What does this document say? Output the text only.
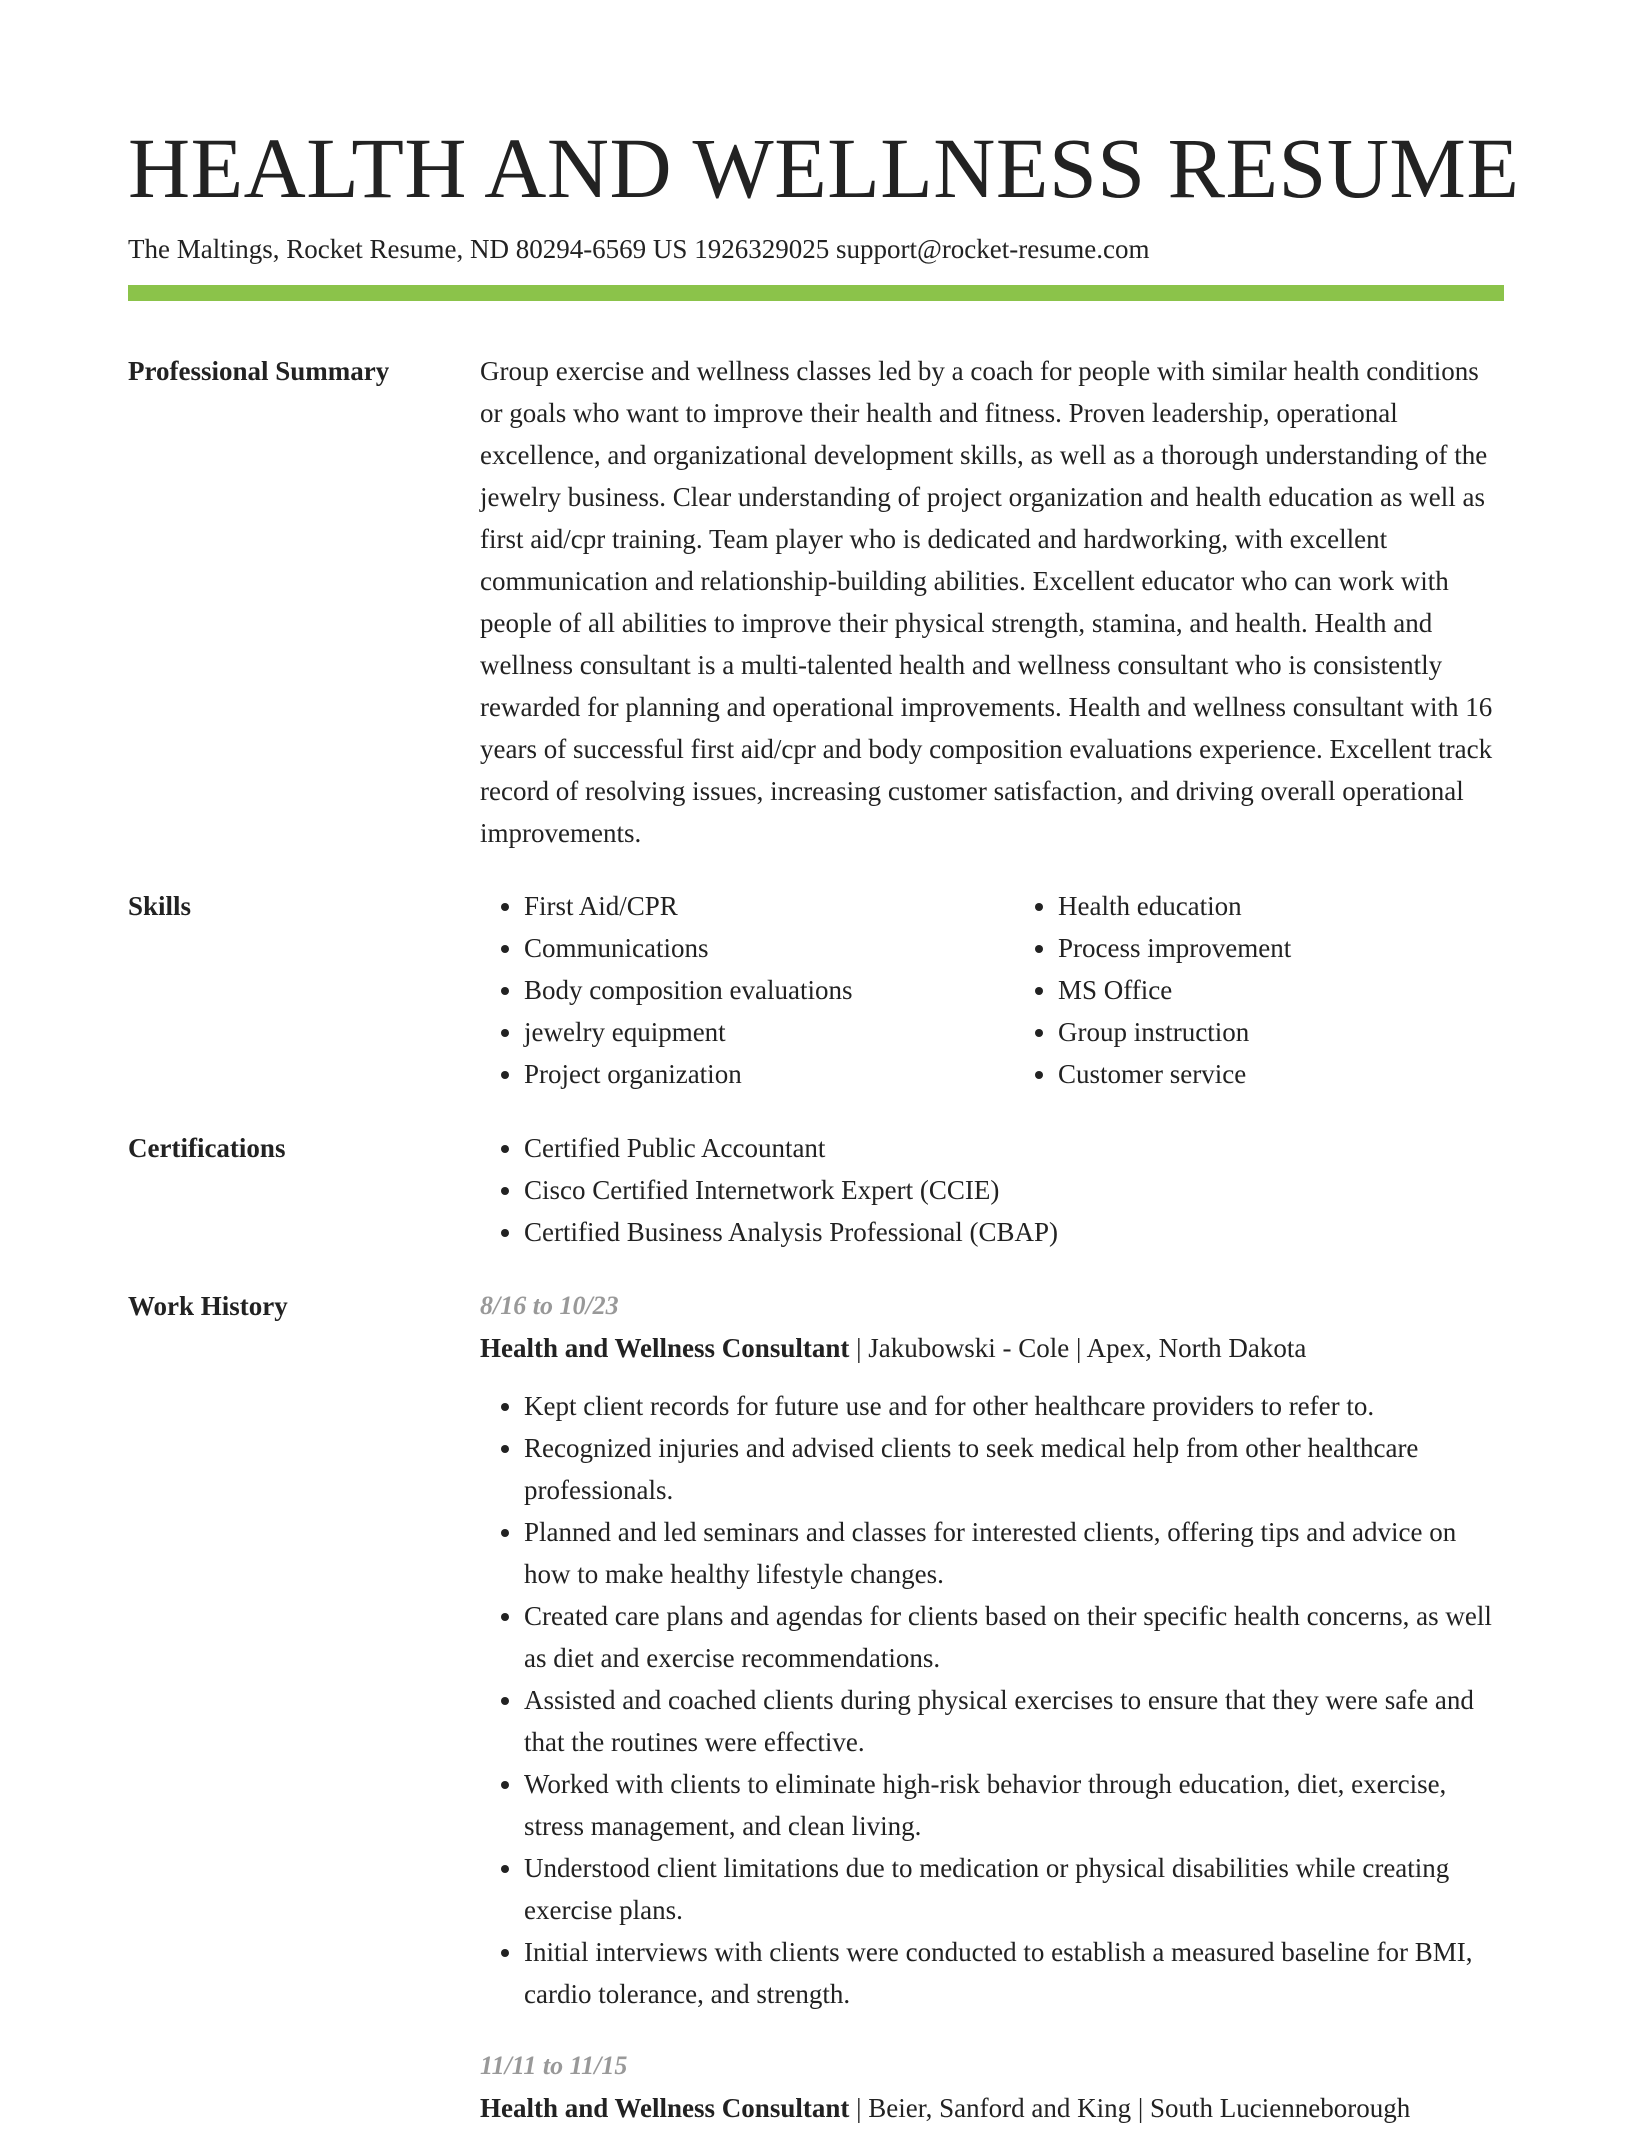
HEALTH AND WELLNESS RESUME
The Maltings, Rocket Resume, ND 80294-6569 US 1926329025 support@rocket-resume.com
Professional Summary	Group exercise and wellness classes led by a coach for people with similar health conditions or goals who want to improve their health and fitness. Proven leadership, operational excellence, and organizational development skills, as well as a thorough understanding of the jewelry business. Clear understanding of project organization and health education as well as first aid/cpr training. Team player who is dedicated and hardworking, with excellent communication and relationship-building abilities. Excellent educator who can work with people of all abilities to improve their physical strength, stamina, and health. Health and wellness consultant is a multi-talented health and wellness consultant who is consistently rewarded for planning and operational improvements. Health and wellness consultant with 16 years of successful first aid/cpr and body composition evaluations experience. Excellent track record of resolving issues, increasing customer satisfaction, and driving overall operational improvements.

Skills	• First Aid/CPR
• Communications
• Body composition evaluations
• jewelry equipment
• Project organization
• Health education
• Process improvement
• MS Office
• Group instruction
• Customer service
Certifications	• Certified Public Accountant
• Cisco Certified Internetwork Expert (CCIE)
• Certified Business Analysis Professional (CBAP)
Work History	8/16 to 10/23
Health and Wellness Consultant | Jakubowski - Cole | Apex, North Dakota
• Kept client records for future use and for other healthcare providers to refer to.
• Recognized injuries and advised clients to seek medical help from other healthcare professionals.
• Planned and led seminars and classes for interested clients, offering tips and advice on how to make healthy lifestyle changes.
• Created care plans and agendas for clients based on their specific health concerns, as well as diet and exercise recommendations.
• Assisted and coached clients during physical exercises to ensure that they were safe and that the routines were effective.
• Worked with clients to eliminate high-risk behavior through education, diet, exercise, stress management, and clean living.
• Understood client limitations due to medication or physical disabilities while creating exercise plans.
• Initial interviews with clients were conducted to establish a measured baseline for BMI, cardio tolerance, and strength.
11/11 to 11/15
Health and Wellness Consultant | Beier, Sanford and King | South Lucienneborough
